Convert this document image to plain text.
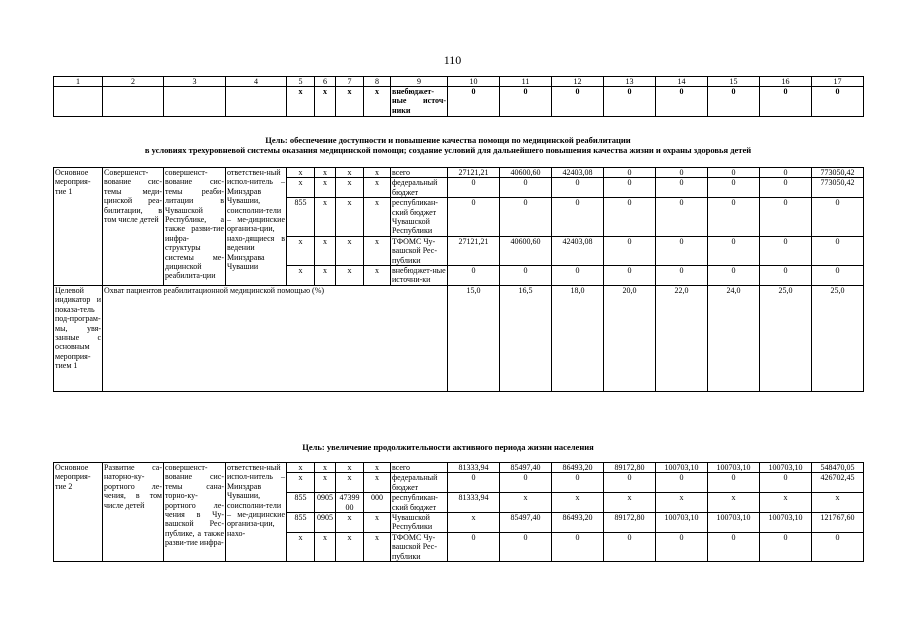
110
1	2	3	4	5	6	7	8	9	10	11	12	13	14	15	16	17
				х	х	х	х	внебюджет-ные источ-ники	0	0	0	0	0	0	0	0
Цель: обеспечение доступности и повышение качества помощи по медицинской реабилитации
в условиях трехуровневой системы оказания медицинской помощи; создание условий для дальнейшего повышения качества жизни и охраны здоровья детей
Основное мероприя-тие 1	Совершенст-вование сис-темы меди-цинской реа-билитации, в том числе детей	совершенст-вование сис-темы реаби-литации в Чувашской Республике, а также разви-тие инфра-структуры системы ме-дицинской реабилита-ции	ответствен-ный испол-нитель – Минздрав Чувашии, соисполни-тели – ме-дицинские организа-ции, нахо-дящиеся в ведении Минздрава Чувашии	х	х	х	х	всего	27121,21	40600,60	42403,08	0	0	0	0	773050,42
				х	х	х	х	федеральный бюджет	0	0	0	0	0	0	0	773050,42
				855	х	х	х	республикан-ский бюджет Чувашской Республики	0	0	0	0	0	0	0	0
				х	х	х	х	ТФОМС Чу-вашской Рес-публики	27121,21	40600,60	42403,08	0	0	0	0	0
				х	х	х	х	внебюджет-ные источни-ки	0	0	0	0	0	0	0	0
Целевой индикатор и показа-тель под-програм-мы, увя-занные с основным мероприя-тием 1	Охват пациентов реабилитационной медицинской помощью (%)								15,0	16,5	18,0	20,0	22,0	24,0	25,0	25,0
Цель: увеличение продолжительности активного периода жизни населения
Основное мероприя-тие 2	Развитие са-наторно-ку-рортного ле-чения, в том числе детей	совершенст-вование сис-темы сана-торно-ку-рортного ле-чения в Чу-вашской Рес-публике, а также разви-тие инфра-	ответствен-ный испол-нитель – Минздрав Чувашии, соисполни-тели – ме-дицинские организа-ции, нахо-	х	х	х	х	всего	81333,94	85497,40	86493,20	89172,80	100703,10	100703,10	100703,10	548470,05
				х	х	х	х	федеральный бюджет	0	0	0	0	0	0	0	426702,45
				855	0905	47399 00	000	республикан-ский бюджет	81333,94	х	х	х	х	х	х	х
				855	0905	х	х	Чувашской Республики	х	85497,40	86493,20	89172,80	100703,10	100703,10	100703,10	121767,60
				х	х	х	х	ТФОМС Чу-вашской Рес-публики	0	0	0	0	0	0	0	0
